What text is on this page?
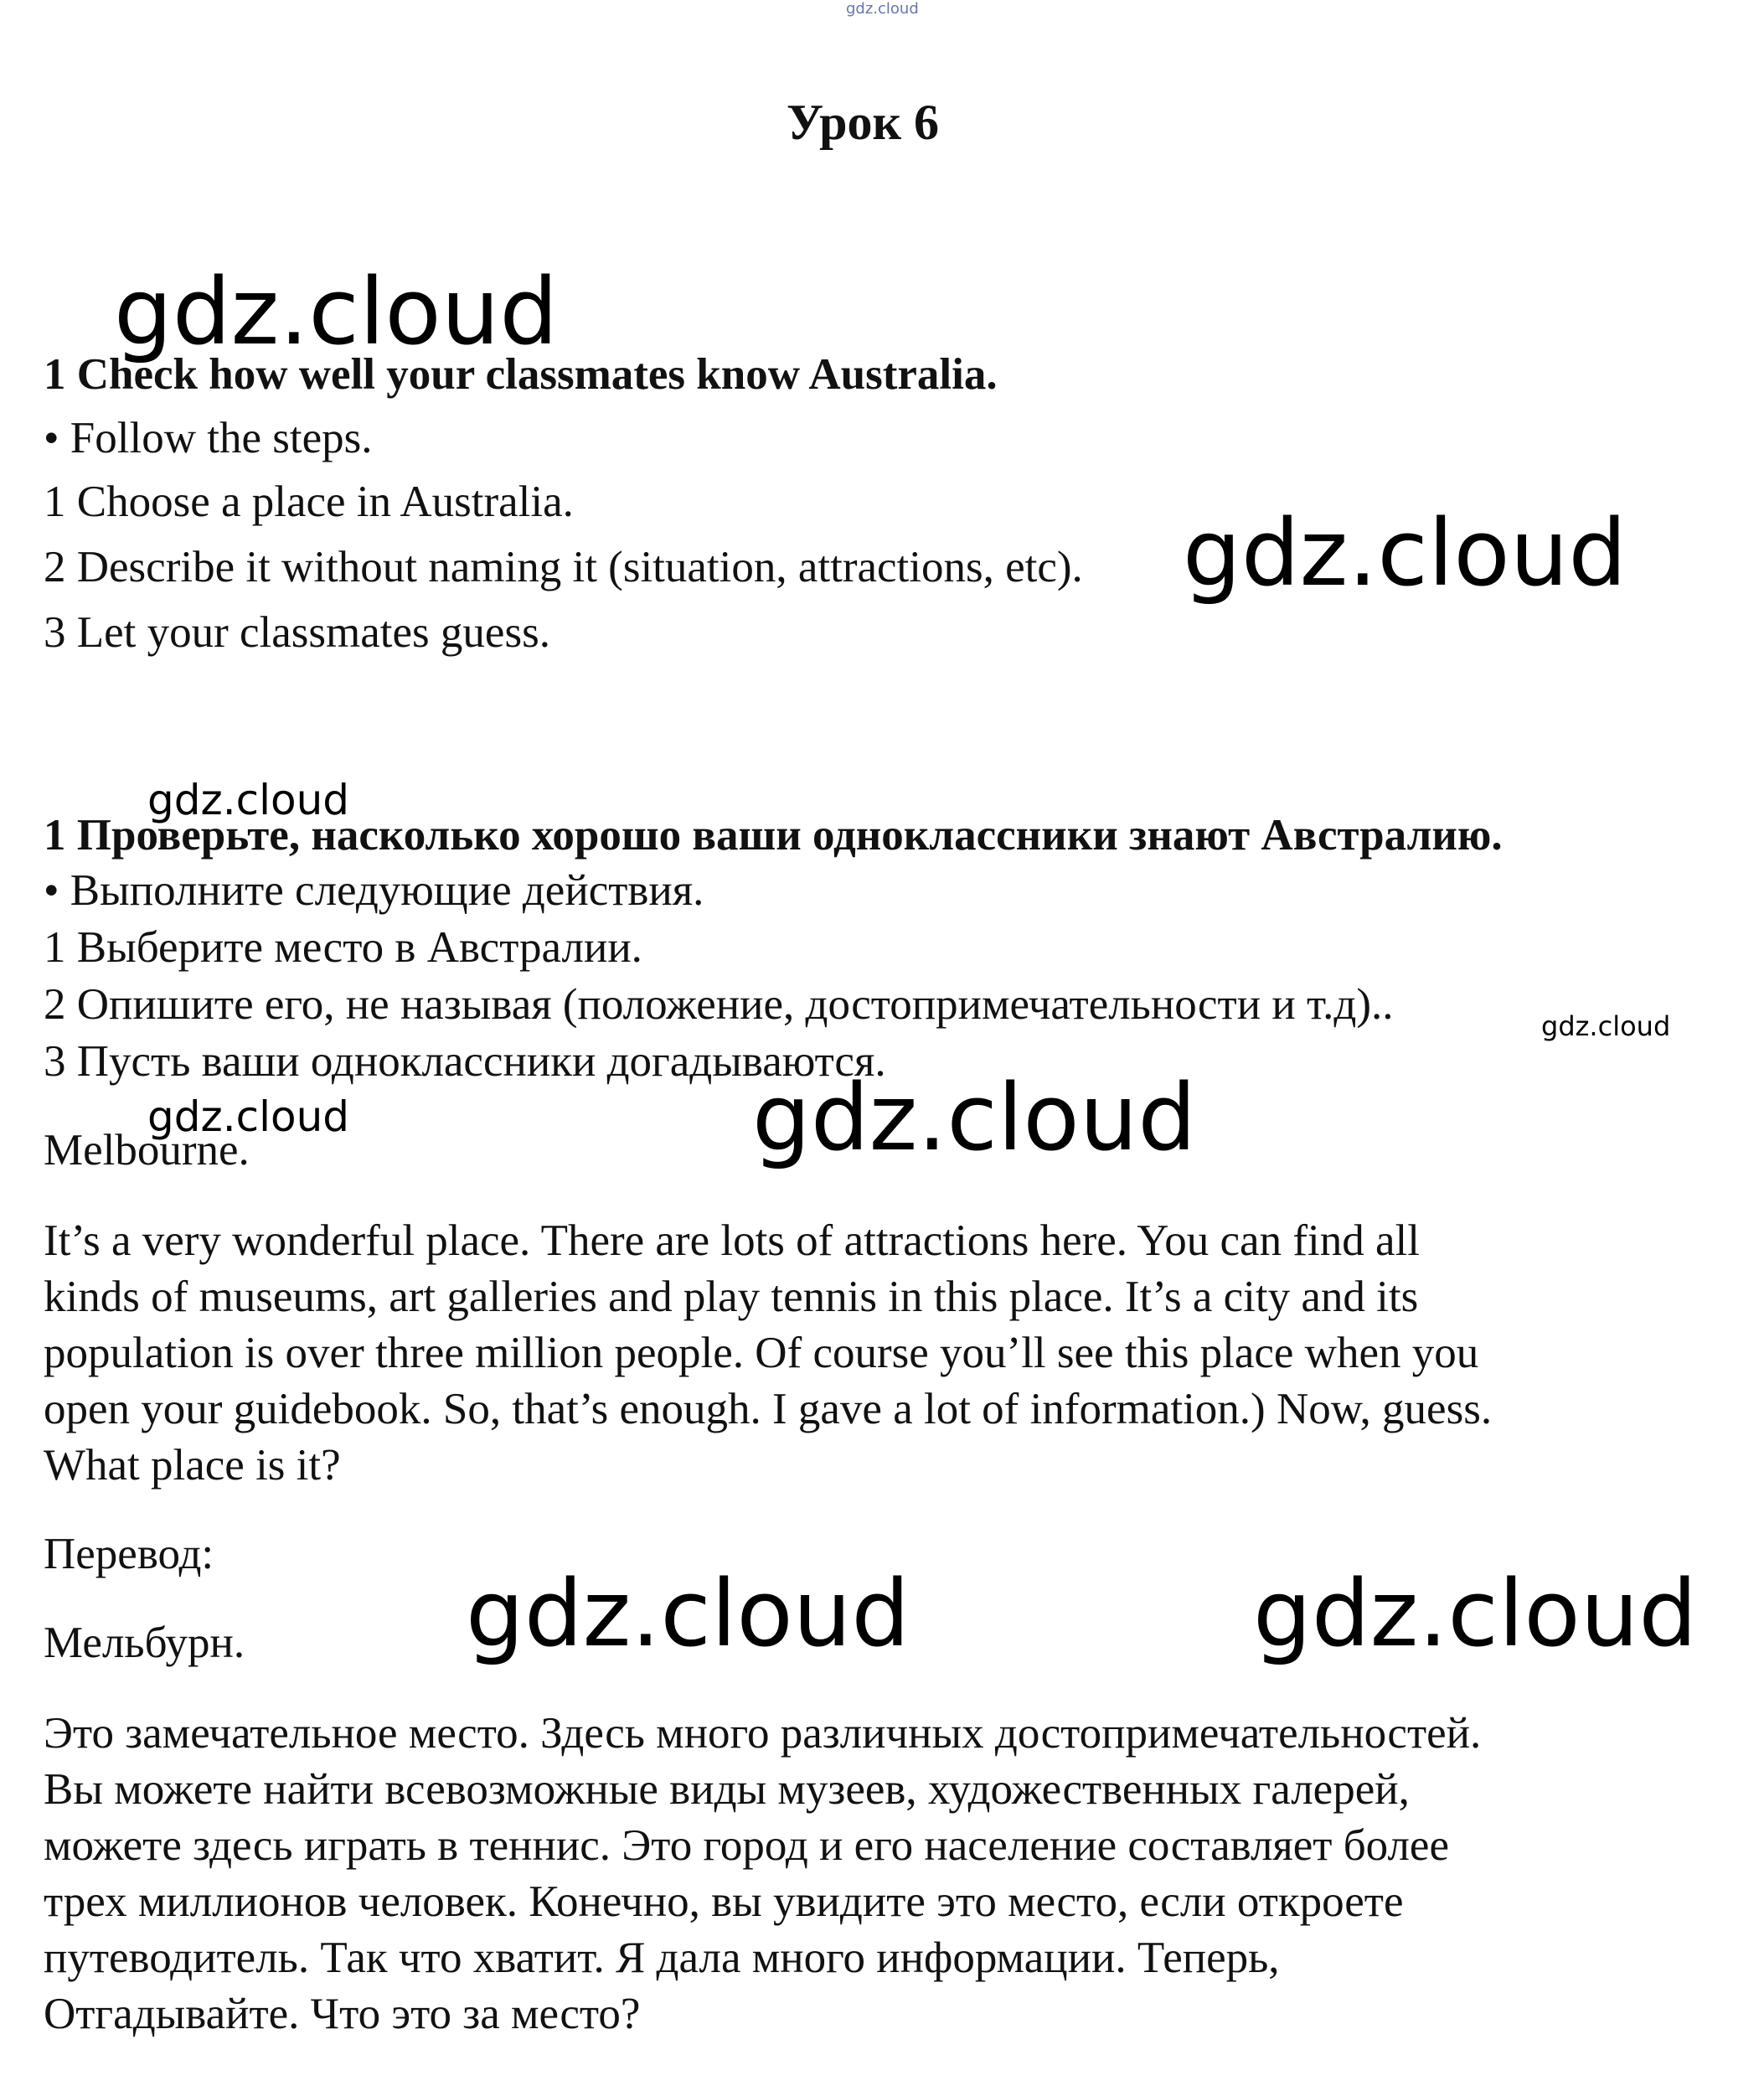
gdz.cloud
Урок 6
gdz.cloud
1 Check how well your classmates know Australia.
• Follow the steps.
1 Choose a place in Australia.
2 Describe it without naming it (situation, attractions, etc). gdz.cloud
3 Let your classmates guess.
gdz.cloud
1 Проверьте, насколько хорошо ваши одноклассники знают Австралию.
• Выполните следующие действия.
1 Выберите место в Австралии.
2 Опишите его, не называя (положение, достопримечательности и т.д)..	gdz.cloud
3 Пусть ваши одноклассники догадываются.
gdz.cloud
Melbourne.	gdz.cloud
It’s a very wonderful place. There are lots of attractions here. You can find all
kinds of museums, art galleries and play tennis in this place. It’s a city and its
population is over three million people. Of course you’ll see this place when you
open your guidebook. So, that’s enough. I gave a lot of information.) Now, guess.
What place is it?
Перевод:
Мельбурн. gdz.cloud	gdz.cloud
Это замечательное место. Здесь много различных достопримечательностей.
Вы можете найти всевозможные виды музеев, художественных галерей,
можете здесь играть в теннис. Это город и его население составляет более
трех миллионов человек. Конечно, вы увидите это место, если откроете
путеводитель. Так что хватит. Я дала много информации. Теперь,
Отгадывайте. Что это за место?
gdz.cloud
